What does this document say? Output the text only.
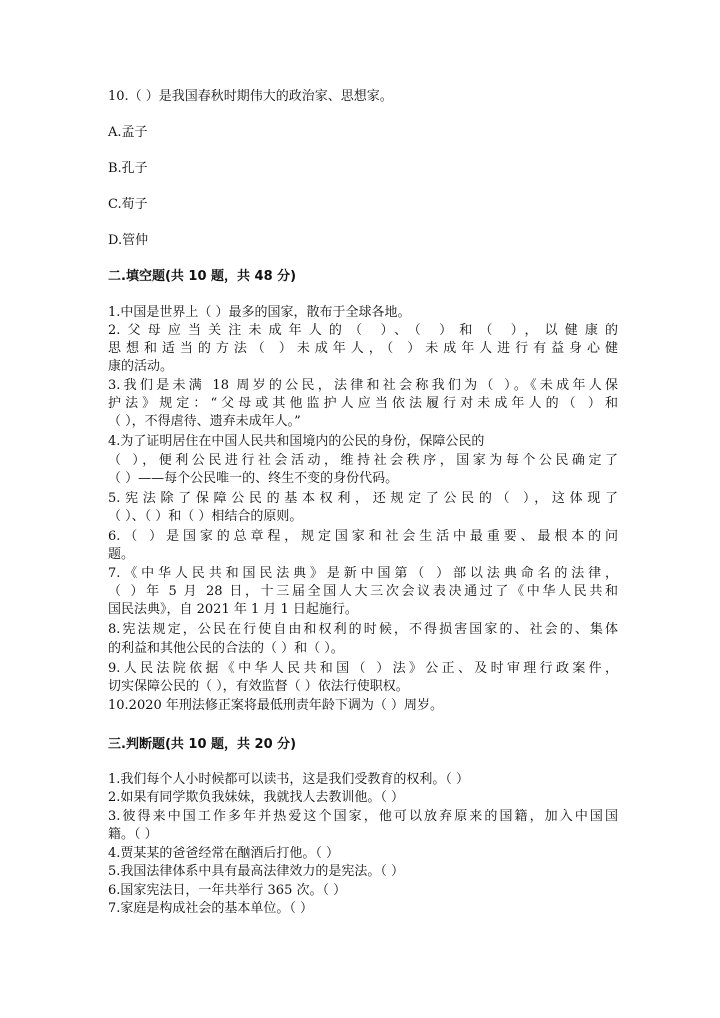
10.（ ）是我国春秋时期伟大的政治家、思想家。
A.孟子
B.孔子
C.荀子
D.管仲
二.填空题(共 10 题，共 48 分)
1.中国是世界上（ ）最多的国家，散布于全球各地。
2.父母应当关注未成年人的（ ）、（ ）和（ ），以健康的
思想和适当的方法（ ）未成年人，（ ）未成年人进行有益身心健
康的活动。
3.我们是未满 18 周岁的公民，法律和社会称我们为（ ）。《未成年人保
护法》规定：“父母或其他监护人应当依法履行对未成年人的（ ）和
（ ），不得虐待、遗弃未成年人。”
4.为了证明居住在中国人民共和国境内的公民的身份，保障公民的
（ ），便利公民进行社会活动，维持社会秩序，国家为每个公民确定了
（ ）——每个公民唯一的、终生不变的身份代码。
5.宪法除了保障公民的基本权利，还规定了公民的（ ），这体现了
（ ）、（ ）和（ ）相结合的原则。
6.（ ）是国家的总章程，规定国家和社会生活中最重要、最根本的问
题。
7.《中华人民共和国民法典》是新中国第（ ）部以法典命名的法律，
（ ）年 5 月 28 日，十三届全国人大三次会议表决通过了《中华人民共和
国民法典》，自 2021 年 1 月 1 日起施行。
8.宪法规定，公民在行使自由和权利的时候，不得损害国家的、社会的、集体
的利益和其他公民的合法的（ ）和（ ）。
9.人民法院依据《中华人民共和国（ ）法》公正、及时审理行政案件，
切实保障公民的（ ），有效监督（ ）依法行使职权。
10.2020 年刑法修正案将最低刑责年龄下调为（ ）周岁。
三.判断题(共 10 题，共 20 分)
1.我们每个人小时候都可以读书，这是我们受教育的权利。（ ）
2.如果有同学欺负我妹妹，我就找人去教训他。（ ）
3.彼得来中国工作多年并热爱这个国家，他可以放弃原来的国籍，加入中国国
籍。（ ）
4.贾某某的爸爸经常在酗酒后打他。（ ）
5.我国法律体系中具有最高法律效力的是宪法。（ ）
6.国家宪法日，一年共举行 365 次。（ ）
7.家庭是构成社会的基本单位。（ ）
